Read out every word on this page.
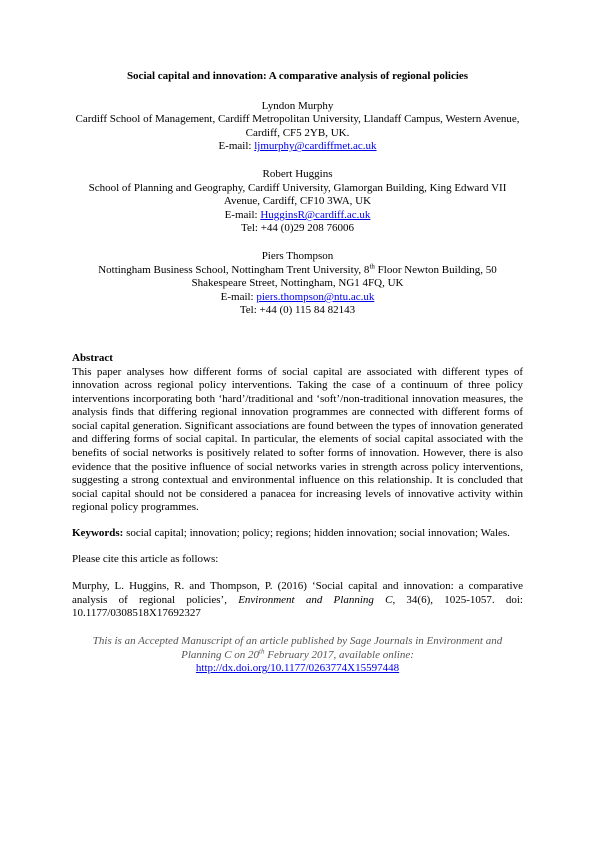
Social capital and innovation: A comparative analysis of regional policies
Lyndon Murphy
Cardiff School of Management, Cardiff Metropolitan University, Llandaff Campus, Western Avenue, Cardiff, CF5 2YB, UK.
E-mail: ljmurphy@cardiffmet.ac.uk
Robert Huggins
School of Planning and Geography, Cardiff University, Glamorgan Building, King Edward VII Avenue, Cardiff, CF10 3WA, UK
E-mail: HugginsR@cardiff.ac.uk
Tel: +44 (0)29 208 76006
Piers Thompson
Nottingham Business School, Nottingham Trent University, 8th Floor Newton Building, 50 Shakespeare Street, Nottingham, NG1 4FQ, UK
E-mail: piers.thompson@ntu.ac.uk
Tel: +44 (0) 115 84 82143
Abstract
This paper analyses how different forms of social capital are associated with different types of innovation across regional policy interventions. Taking the case of a continuum of three policy interventions incorporating both ‘hard’/traditional and ‘soft’/non-traditional innovation measures, the analysis finds that differing regional innovation programmes are connected with different forms of social capital generation. Significant associations are found between the types of innovation generated and differing forms of social capital. In particular, the elements of social capital associated with the benefits of social networks is positively related to softer forms of innovation. However, there is also evidence that the positive influence of social networks varies in strength across policy interventions, suggesting a strong contextual and environmental influence on this relationship. It is concluded that social capital should not be considered a panacea for increasing levels of innovative activity within regional policy programmes.
Keywords: social capital; innovation; policy; regions; hidden innovation; social innovation; Wales.
Please cite this article as follows:
Murphy, L. Huggins, R. and Thompson, P. (2016) ‘Social capital and innovation: a comparative analysis of regional policies’, Environment and Planning C, 34(6), 1025-1057. doi: 10.1177/0308518X17692327
This is an Accepted Manuscript of an article published by Sage Journals in Environment and
Planning C on 20th February 2017, available online:
http://dx.doi.org/10.1177/0263774X15597448
